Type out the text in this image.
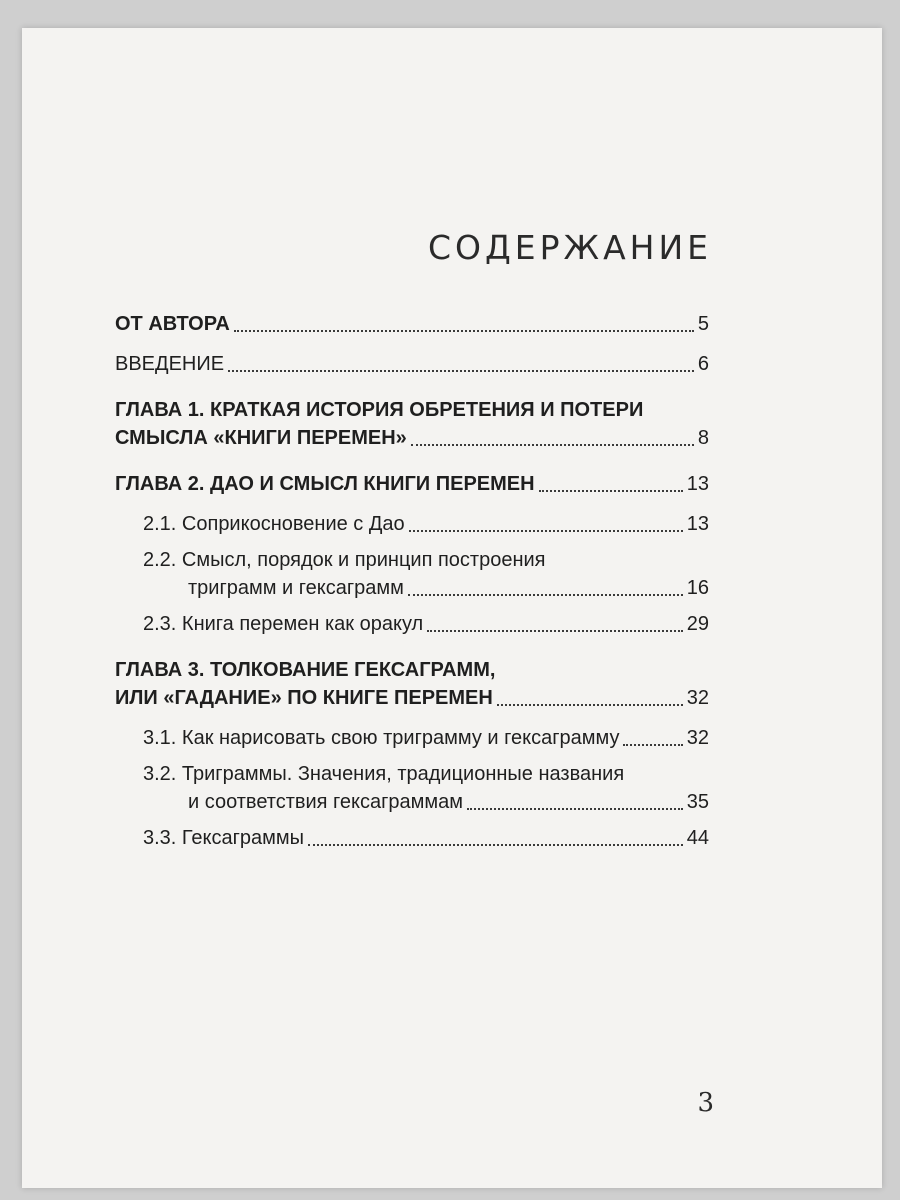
СОДЕРЖАНИЕ
ОТ АВТОРА	5
ВВЕДЕНИЕ	6
ГЛАВА 1. КРАТКАЯ ИСТОРИЯ ОБРЕТЕНИЯ И ПОТЕРИ
СМЫСЛА «КНИГИ ПЕРЕМЕН»	8
ГЛАВА 2. ДАО И СМЫСЛ КНИГИ ПЕРЕМЕН	13
2.1. Соприкосновение с Дао	13
2.2. Смысл, порядок и принцип построения
триграмм и гексаграмм	16
2.3. Книга перемен как оракул	29
ГЛАВА 3. ТОЛКОВАНИЕ ГЕКСАГРАММ,
ИЛИ «ГАДАНИЕ» ПО КНИГЕ ПЕРЕМЕН	32
3.1. Как нарисовать свою триграмму и гексаграмму	32
3.2. Триграммы. Значения, традиционные названия
и соответствия гексаграммам	35
3.3. Гексаграммы	44
3
